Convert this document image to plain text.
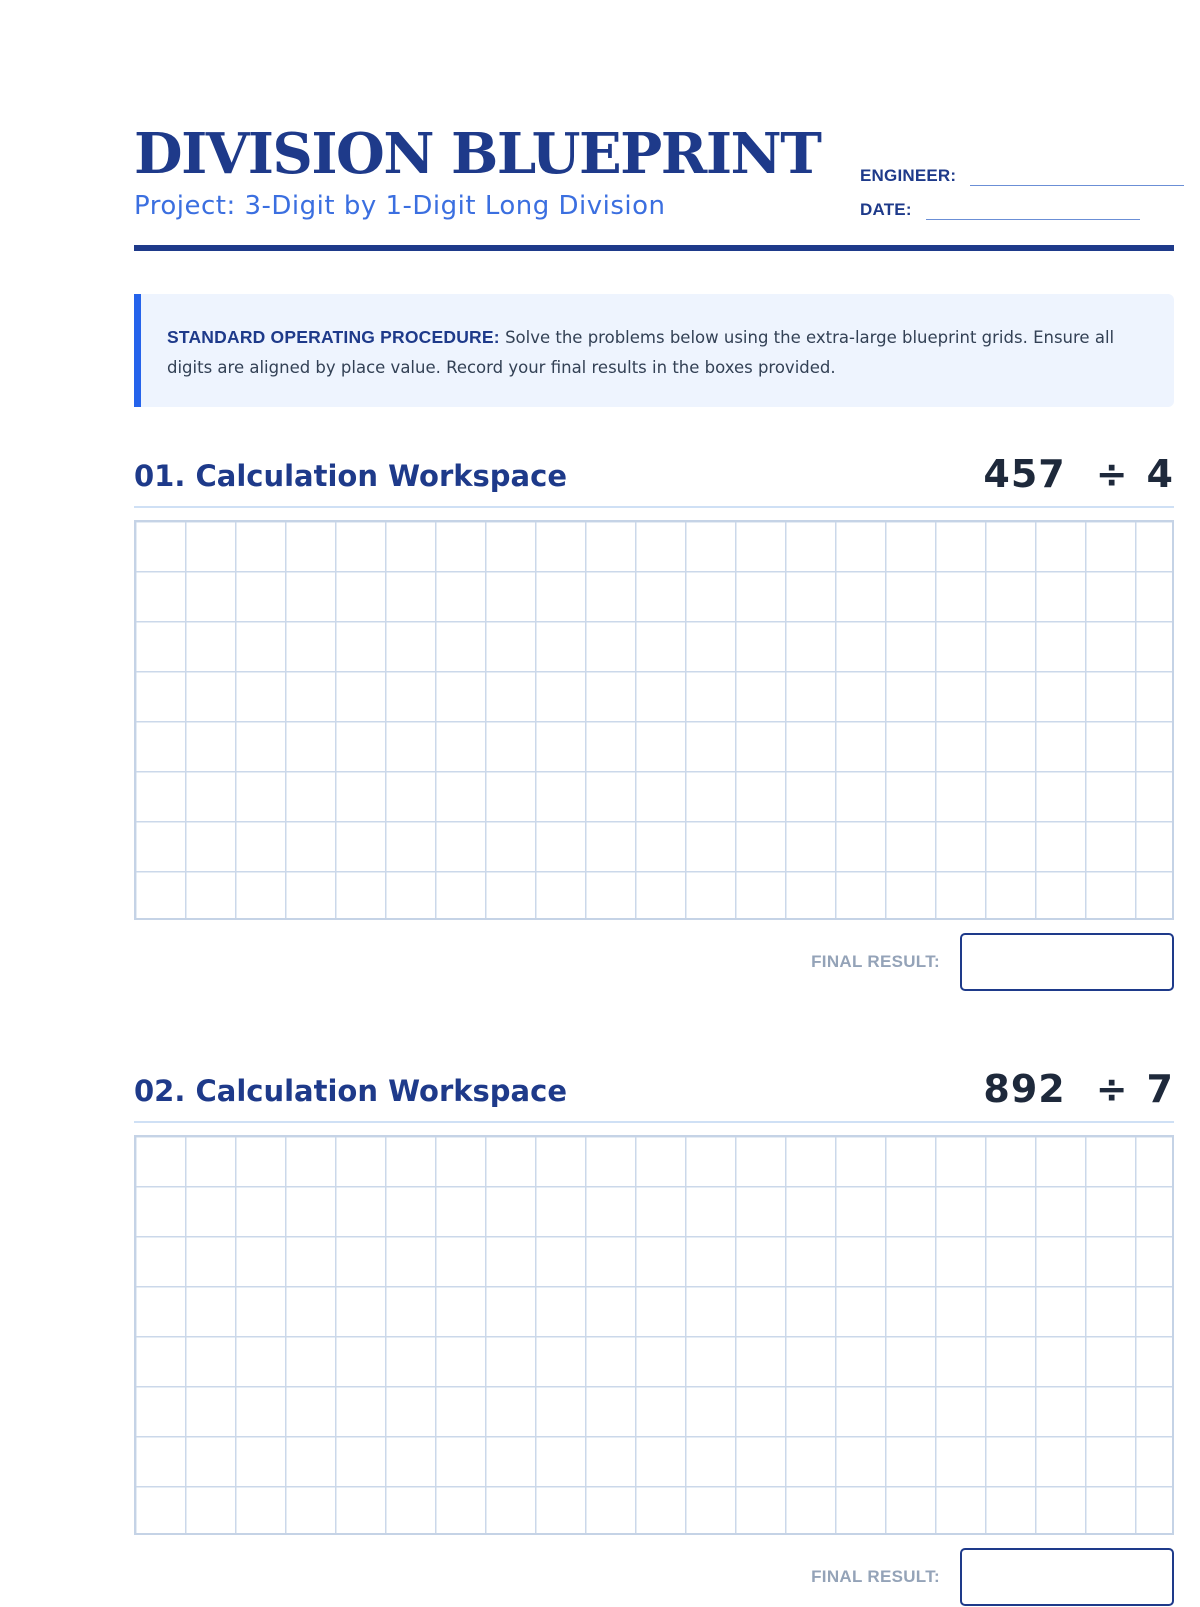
DIVISION BLUEPRINT
Project: 3-Digit by 1-Digit Long Division
ENGINEER:
DATE:
STANDARD OPERATING PROCEDURE: Solve the problems below using the extra-large blueprint grids. Ensure all digits are aligned by place value. Record your final results in the boxes provided.
01. Calculation Workspace	457 ÷ 4
FINAL RESULT:
02. Calculation Workspace	892 ÷ 7
FINAL RESULT:
